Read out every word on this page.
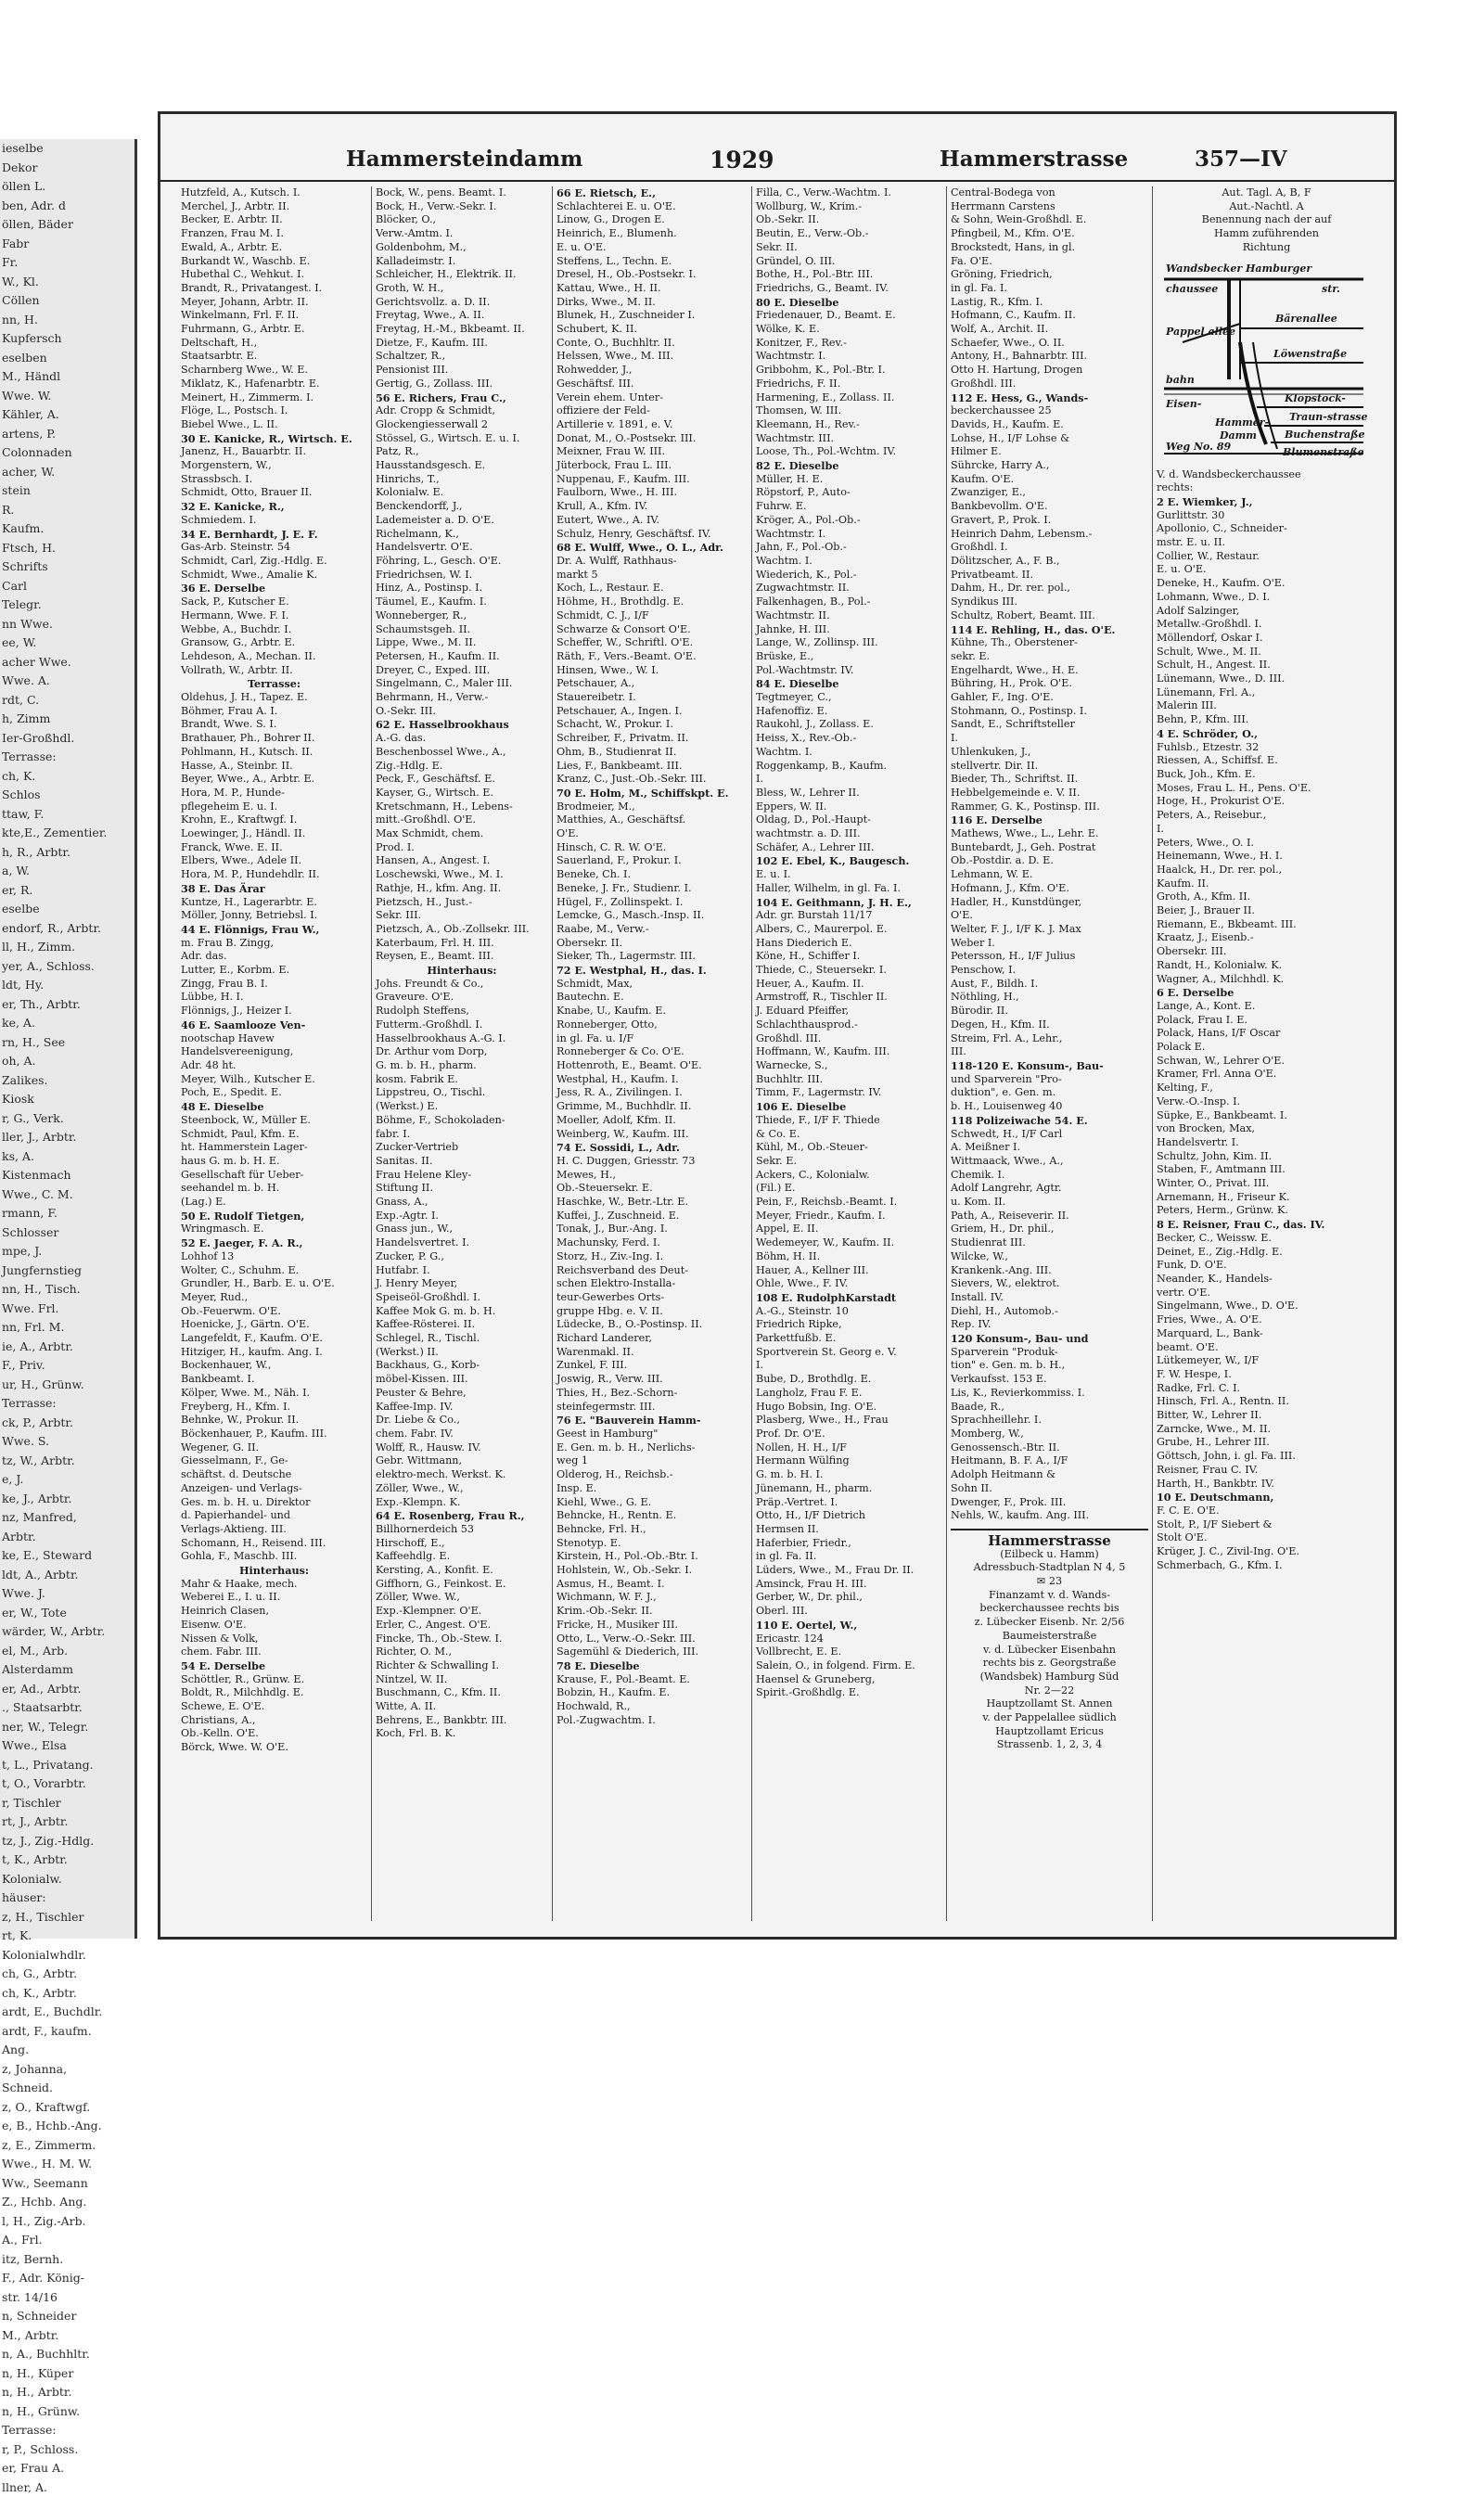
ieselbe
Dekor
öllen L.
ben, Adr. d
öllen, Bäder
Fabr
Fr.
W., Kl.
Cöllen
nn, H.
Kupfersch
eselben
M., Händl
Wwe. W.
Kähler, A.
artens, P.
Colonnaden
acher, W.
stein
R.
Kaufm.
Ftsch, H.
Schrifts
Carl
Telegr.
nn Wwe.
ee, W.
acher Wwe.
Wwe. A.
rdt, C.
h, Zimm
Ier-Großhdl.
Terrasse:
ch, K.
Schlos
ttaw, F.
kte,E., Zementier.
h, R., Arbtr.
a, W.
er, R.
eselbe
endorf, R., Arbtr.
ll, H., Zimm.
yer, A., Schloss.
ldt, Hy.
er, Th., Arbtr.
ke, A.
rn, H., See
oh, A.
Zalikes.
Kiosk
r, G., Verk.
ller, J., Arbtr.
ks, A.
Kistenmach
Wwe., C. M.
rmann, F.
Schlosser
mpe, J.
Jungfernstieg
nn, H., Tisch.
Wwe. Frl.
nn, Frl. M.
ie, A., Arbtr.
F., Priv.
ur, H., Grünw.
Terrasse:
ck, P., Arbtr.
Wwe. S.
tz, W., Arbtr.
e, J.
ke, J., Arbtr.
nz, Manfred,
Arbtr.
ke, E., Steward
ldt, A., Arbtr.
Wwe. J.
er, W., Tote
wärder, W., Arbtr.
el, M., Arb.
Alsterdamm
er, Ad., Arbtr.
., Staatsarbtr.
ner, W., Telegr.
Wwe., Elsa
t, L., Privatang.
t, O., Vorarbtr.
r, Tischler
rt, J., Arbtr.
tz, J., Zig.-Hdlg.
t, K., Arbtr.
Kolonialw.
häuser:
z, H., Tischler
rt, K.
Kolonialwhdlr.
ch, G., Arbtr.
ch, K., Arbtr.
ardt, E., Buchdlr.
ardt, F., kaufm.
Ang.
z, Johanna,
Schneid.
z, O., Kraftwgf.
e, B., Hchb.-Ang.
z, E., Zimmerm.
Wwe., H. M. W.
Ww., Seemann
Z., Hchb. Ang.
l, H., Zig.-Arb.
A., Frl.
itz, Bernh.
F., Adr. König-
str. 14/16
n, Schneider
M., Arbtr.
n, A., Buchhltr.
n, H., Küper
n, H., Arbtr.
n, H., Grünw.
Terrasse:
r, P., Schloss.
er, Frau A.
llner, A.
Hammersteindamm	1929	Hammerstrasse	357—IV
Hutzfeld, A., Kutsch. I.
Merchel, J., Arbtr. II.
Becker, E. Arbtr. II.
Franzen, Frau M. I.
Ewald, A., Arbtr. E.
Burkandt W., Waschb. E.
Hubethal C., Wehkut. I.
Brandt, R., Privatangest. I.
Meyer, Johann, Arbtr. II.
Winkelmann, Frl. F. II.
Fuhrmann, G., Arbtr. E.
Deltschaft, H.,
Staatsarbtr. E.
Scharnberg Wwe., W. E.
Miklatz, K., Hafenarbtr. E.
Meinert, H., Zimmerm. I.
Flöge, L., Postsch. I.
Biebel Wwe., L. II.
30 E. Kanicke, R., Wirtsch. E.
Janenz, H., Bauarbtr. II.
Morgenstern, W.,
Strassbsch. I.
Schmidt, Otto, Brauer II.
32 E. Kanicke, R.,
Schmiedem. I.
34 E. Bernhardt, J. E. F.
Gas-Arb. Steinstr. 54
Schmidt, Carl, Zig.-Hdlg. E.
Schmidt, Wwe., Amalie K.
36 E. Derselbe
Sack, P., Kutscher E.
Hermann, Wwe. F. I.
Webbe, A., Buchdr. I.
Gransow, G., Arbtr. E.
Lehdeson, A., Mechan. II.
Vollrath, W., Arbtr. II.
Terrasse:
Oldehus, J. H., Tapez. E.
Böhmer, Frau A. I.
Brandt, Wwe. S. I.
Brathauer, Ph., Bohrer II.
Pohlmann, H., Kutsch. II.
Hasse, A., Steinbr. II.
Beyer, Wwe., A., Arbtr. E.
Hora, M. P., Hunde-
pflegeheim E. u. I.
Krohn, E., Kraftwgf. I.
Loewinger, J., Händl. II.
Franck, Wwe. E. II.
Elbers, Wwe., Adele II.
Hora, M. P., Hundehdlr. II.
38 E. Das Ärar
Kuntze, H., Lagerarbtr. E.
Möller, Jonny, Betriebsl. I.
44 E. Flönnigs, Frau W.,
m. Frau B. Zingg,
Adr. das.
Lutter, E., Korbm. E.
Zingg, Frau B. I.
Lübbe, H. I.
Flönnigs, J., Heizer I.
46 E. Saamlooze Ven-
nootschap Havew
Handelsvereenigung,
Adr. 48 ht.
Meyer, Wilh., Kutscher E.
Poch, E., Spedit. E.
48 E. Dieselbe
Steenbock, W., Müller E.
Schmidt, Paul, Kfm. E.
ht. Hammerstein Lager-
haus G. m. b. H. E.
Gesellschaft für Ueber-
seehandel m. b. H.
(Lag.) E.
50 E. Rudolf Tietgen,
Wringmasch. E.
52 E. Jaeger, F. A. R.,
Lohhof 13
Wolter, C., Schuhm. E.
Grundler, H., Barb. E. u. O'E.
Meyer, Rud.,
Ob.-Feuerwm. O'E.
Hoenicke, J., Gärtn. O'E.
Langefeldt, F., Kaufm. O'E.
Hitziger, H., kaufm. Ang. I.
Bockenhauer, W.,
Bankbeamt. I.
Kölper, Wwe. M., Näh. I.
Freyberg, H., Kfm. I.
Behnke, W., Prokur. II.
Böckenhauer, P., Kaufm. III.
Wegener, G. II.
Giesselmann, F., Ge-
schäftst. d. Deutsche
Anzeigen- und Verlags-
Ges. m. b. H. u. Direktor
d. Papierhandel- und
Verlags-Aktieng. III.
Schomann, H., Reisend. III.
Gohla, F., Maschb. III.
Hinterhaus:
Mahr & Haake, mech.
Weberei E., I. u. II.
Heinrich Clasen,
Eisenw. O'E.
Nissen & Volk,
chem. Fabr. III.
54 E. Derselbe
Schöttler, R., Grünw. E.
Boldt, R., Milchhdlg. E.
Schewe, E. O'E.
Christians, A.,
Ob.-Kelln. O'E.
Börck, Wwe. W. O'E.
Bock, W., pens. Beamt. I.
Bock, H., Verw.-Sekr. I.
Blöcker, O.,
Verw.-Amtm. I.
Goldenbohm, M.,
Kalladeimstr. I.
Schleicher, H., Elektrik. II.
Groth, W. H.,
Gerichtsvollz. a. D. II.
Freytag, Wwe., A. II.
Freytag, H.-M., Bkbeamt. II.
Dietze, F., Kaufm. III.
Schaltzer, R.,
Pensionist III.
Gertig, G., Zollass. III.
56 E. Richers, Frau C.,
Adr. Cropp & Schmidt,
Glockengiesserwall 2
Stössel, G., Wirtsch. E. u. I.
Patz, R.,
Hausstandsgesch. E.
Hinrichs, T.,
Kolonialw. E.
Benckendorff, J.,
Lademeister a. D. O'E.
Richelmann, K.,
Handelsvertr. O'E.
Föhring, L., Gesch. O'E.
Friedrichsen, W. I.
Hinz, A., Postinsp. I.
Täumel, E., Kaufm. I.
Wonneberger, R.,
Schaumstsgeh. II.
Lippe, Wwe., M. II.
Petersen, H., Kaufm. II.
Dreyer, C., Exped. III.
Singelmann, C., Maler III.
Behrmann, H., Verw.-
O.-Sekr. III.
62 E. Hasselbrookhaus
A.-G. das.
Beschenbossel Wwe., A.,
Zig.-Hdlg. E.
Peck, F., Geschäftsf. E.
Kayser, G., Wirtsch. E.
Kretschmann, H., Lebens-
mitt.-Großhdl. O'E.
Max Schmidt, chem.
Prod. I.
Hansen, A., Angest. I.
Loschewski, Wwe., M. I.
Rathje, H., kfm. Ang. II.
Pietzsch, H., Just.-
Sekr. III.
Pietzsch, A., Ob.-Zollsekr. III.
Katerbaum, Frl. H. III.
Reysen, E., Beamt. III.
Hinterhaus:
Johs. Freundt & Co.,
Graveure. O'E.
Rudolph Steffens,
Futterm.-Großhdl. I.
Hasselbrookhaus A.-G. I.
Dr. Arthur vom Dorp,
G. m. b. H., pharm.
kosm. Fabrik E.
Lippstreu, O., Tischl.
(Werkst.) E.
Böhme, F., Schokoladen-
fabr. I.
Zucker-Vertrieb
Sanitas. II.
Frau Helene Kley-
Stiftung II.
Gnass, A.,
Exp.-Agtr. I.
Gnass jun., W.,
Handelsvertret. I.
Zucker, P. G.,
Hutfabr. I.
J. Henry Meyer,
Speiseöl-Großhdl. I.
Kaffee Mok G. m. b. H.
Kaffee-Rösterei. II.
Schlegel, R., Tischl.
(Werkst.) II.
Backhaus, G., Korb-
möbel-Kissen. III.
Peuster & Behre,
Kaffee-Imp. IV.
Dr. Liebe & Co.,
chem. Fabr. IV.
Wolff, R., Hausw. IV.
Gebr. Wittmann,
elektro-mech. Werkst. K.
Zöller, Wwe., W.,
Exp.-Klempn. K.
64 E. Rosenberg, Frau R.,
Billhornerdeich 53
Hirschoff, E.,
Kaffeehdlg. E.
Kersting, A., Konfit. E.
Giffhorn, G., Feinkost. E.
Zöller, Wwe. W.,
Exp.-Klempner. O'E.
Erler, C., Angest. O'E.
Fincke, Th., Ob.-Stew. I.
Richter, O. M.,
Richter & Schwalling I.
Nintzel, W. II.
Buschmann, C., Kfm. II.
Witte, A. II.
Behrens, E., Bankbtr. III.
Koch, Frl. B. K.
66 E. Rietsch, E.,
Schlachterei E. u. O'E.
Linow, G., Drogen E.
Heinrich, E., Blumenh.
E. u. O'E.
Steffens, L., Techn. E.
Dresel, H., Ob.-Postsekr. I.
Kattau, Wwe., H. II.
Dirks, Wwe., M. II.
Blunek, H., Zuschneider I.
Schubert, K. II.
Conte, O., Buchhltr. II.
Helssen, Wwe., M. III.
Rohwedder, J.,
Geschäftsf. III.
Verein ehem. Unter-
offiziere der Feld-
Artillerie v. 1891, e. V.
Donat, M., O.-Postsekr. III.
Meixner, Frau W. III.
Jüterbock, Frau L. III.
Nuppenau, F., Kaufm. III.
Faulborn, Wwe., H. III.
Krull, A., Kfm. IV.
Eutert, Wwe., A. IV.
Schulz, Henry, Geschäftsf. IV.
68 E. Wulff, Wwe., O. L., Adr.
Dr. A. Wulff, Rathhaus-
markt 5
Koch, L., Restaur. E.
Höhme, H., Brothdlg. E.
Schmidt, C. J., I/F
Schwarze & Consort O'E.
Scheffer, W., Schriftl. O'E.
Räth, F., Vers.-Beamt. O'E.
Hinsen, Wwe., W. I.
Petschauer, A.,
Stauereibetr. I.
Petschauer, A., Ingen. I.
Schacht, W., Prokur. I.
Schreiber, F., Privatm. II.
Ohm, B., Studienrat II.
Lies, F., Bankbeamt. III.
Kranz, C., Just.-Ob.-Sekr. III.
70 E. Holm, M., Schiffskpt. E.
Brodmeier, M.,
Matthies, A., Geschäftsf.
O'E.
Hinsch, C. R. W. O'E.
Sauerland, F., Prokur. I.
Beneke, Ch. I.
Beneke, J. Fr., Studienr. I.
Hügel, F., Zollinspekt. I.
Lemcke, G., Masch.-Insp. II.
Raabe, M., Verw.-
Obersekr. II.
Sieker, Th., Lagermstr. III.
72 E. Westphal, H., das. I.
Schmidt, Max,
Bautechn. E.
Knabe, U., Kaufm. E.
Ronneberger, Otto,
in gl. Fa. u. I/F
Ronneberger & Co. O'E.
Hottenroth, E., Beamt. O'E.
Westphal, H., Kaufm. I.
Jess, R. A., Zivilingen. I.
Grimme, M., Buchhdlr. II.
Moeller, Adolf, Kfm. II.
Weinberg, W., Kaufm. III.
74 E. Sossidi, L., Adr.
H. C. Duggen, Griesstr. 73
Mewes, H.,
Ob.-Steuersekr. E.
Haschke, W., Betr.-Ltr. E.
Kuffei, J., Zuschneid. E.
Tonak, J., Bur.-Ang. I.
Machunsky, Ferd. I.
Storz, H., Ziv.-Ing. I.
Reichsverband des Deut-
schen Elektro-Installa-
teur-Gewerbes Orts-
gruppe Hbg. e. V. II.
Lüdecke, B., O.-Postinsp. II.
Richard Landerer,
Warenmakl. II.
Zunkel, F. III.
Joswig, R., Verw. III.
Thies, H., Bez.-Schorn-
steinfegermstr. III.
76 E. "Bauverein Hamm-
Geest in Hamburg"
E. Gen. m. b. H., Nerlichs-
weg 1
Olderog, H., Reichsb.-
Insp. E.
Kiehl, Wwe., G. E.
Behncke, H., Rentn. E.
Behncke, Frl. H.,
Stenotyp. E.
Kirstein, H., Pol.-Ob.-Btr. I.
Hohlstein, W., Ob.-Sekr. I.
Asmus, H., Beamt. I.
Wichmann, W. F. J.,
Krim.-Ob.-Sekr. II.
Fricke, H., Musiker III.
Otto, L., Verw.-O.-Sekr. III.
Sagemühl & Diederich, III.
78 E. Dieselbe
Krause, F., Pol.-Beamt. E.
Bobzin, H., Kaufm. E.
Hochwald, R.,
Pol.-Zugwachtm. I.
Filla, C., Verw.-Wachtm. I.
Wollburg, W., Krim.-
Ob.-Sekr. II.
Beutin, E., Verw.-Ob.-
Sekr. II.
Gründel, O. III.
Bothe, H., Pol.-Btr. III.
Friedrichs, G., Beamt. IV.
80 E. Dieselbe
Friedenauer, D., Beamt. E.
Wölke, K. E.
Konitzer, F., Rev.-
Wachtmstr. I.
Gribbohm, K., Pol.-Btr. I.
Friedrichs, F. II.
Harmening, E., Zollass. II.
Thomsen, W. III.
Kleemann, H., Rev.-
Wachtmstr. III.
Loose, Th., Pol.-Wchtm. IV.
82 E. Dieselbe
Müller, H. E.
Röpstorf, P., Auto-
Fuhrw. E.
Kröger, A., Pol.-Ob.-
Wachtmstr. I.
Jahn, F., Pol.-Ob.-
Wachtm. I.
Wiederich, K., Pol.-
Zugwachtmstr. II.
Falkenhagen, B., Pol.-
Wachtmstr. II.
Jahnke, H. III.
Lange, W., Zollinsp. III.
Brüske, E.,
Pol.-Wachtmstr. IV.
84 E. Dieselbe
Tegtmeyer, C.,
Hafenoffiz. E.
Raukohl, J., Zollass. E.
Heiss, X., Rev.-Ob.-
Wachtm. I.
Roggenkamp, B., Kaufm.
I.
Bless, W., Lehrer II.
Eppers, W. II.
Oldag, D., Pol.-Haupt-
wachtmstr. a. D. III.
Schäfer, A., Lehrer III.
102 E. Ebel, K., Baugesch.
E. u. I.
Haller, Wilhelm, in gl. Fa. I.
104 E. Geithmann, J. H. E.,
Adr. gr. Burstah 11/17
Albers, C., Maurerpol. E.
Hans Diederich E.
Köne, H., Schiffer I.
Thiede, C., Steuersekr. I.
Heuer, A., Kaufm. II.
Armstroff, R., Tischler II.
J. Eduard Pfeiffer,
Schlachthausprod.-
Großhdl. III.
Hoffmann, W., Kaufm. III.
Warnecke, S.,
Buchhltr. III.
Timm, F., Lagermstr. IV.
106 E. Dieselbe
Thiede, F., I/F F. Thiede
& Co. E.
Kühl, M., Ob.-Steuer-
Sekr. E.
Ackers, C., Kolonialw.
(Fil.) E.
Pein, F., Reichsb.-Beamt. I.
Meyer, Friedr., Kaufm. I.
Appel, E. II.
Wedemeyer, W., Kaufm. II.
Böhm, H. II.
Hauer, A., Kellner III.
Ohle, Wwe., F. IV.
108 E. RudolphKarstadt
A.-G., Steinstr. 10
Friedrich Ripke,
Parkettfußb. E.
Sportverein St. Georg e. V.
I.
Bube, D., Brothdlg. E.
Langholz, Frau F. E.
Hugo Bobsin, Ing. O'E.
Plasberg, Wwe., H., Frau
Prof. Dr. O'E.
Nollen, H. H., I/F
Hermann Wülfing
G. m. b. H. I.
Jünemann, H., pharm.
Präp.-Vertret. I.
Otto, H., I/F Dietrich
Hermsen II.
Haferbier, Friedr.,
in gl. Fa. II.
Lüders, Wwe., M., Frau Dr. II.
Amsinck, Frau H. III.
Gerber, W., Dr. phil.,
Oberl. III.
110 E. Oertel, W.,
Ericastr. 124
Vollbrecht, E. E.
Salein, O., in folgend. Firm. E.
Haensel & Gruneberg,
Spirit.-Großhdlg. E.
Central-Bodega von
Herrmann Carstens
& Sohn, Wein-Großhdl. E.
Pfingbeil, M., Kfm. O'E.
Brockstedt, Hans, in gl.
Fa. O'E.
Gröning, Friedrich,
in gl. Fa. I.
Lastig, R., Kfm. I.
Hofmann, C., Kaufm. II.
Wolf, A., Archit. II.
Schaefer, Wwe., O. II.
Antony, H., Bahnarbtr. III.
Otto H. Hartung, Drogen
Großhdl. III.
112 E. Hess, G., Wands-
beckerchaussee 25
Davids, H., Kaufm. E.
Lohse, H., I/F Lohse &
Hilmer E.
Sührcke, Harry A.,
Kaufm. O'E.
Zwanziger, E.,
Bankbevollm. O'E.
Gravert, P., Prok. I.
Heinrich Dahm, Lebensm.-
Großhdl. I.
Dölitzscher, A., F. B.,
Privatbeamt. II.
Dahm, H., Dr. rer. pol.,
Syndikus III.
Schultz, Robert, Beamt. III.
114 E. Rehling, H., das. O'E.
Kühne, Th., Oberstener-
sekr. E.
Engelhardt, Wwe., H. E.
Bühring, H., Prok. O'E.
Gahler, F., Ing. O'E.
Stohmann, O., Postinsp. I.
Sandt, E., Schriftsteller
I.
Uhlenkuken, J.,
stellvertr. Dir. II.
Bieder, Th., Schriftst. II.
Hebbelgemeinde e. V. II.
Rammer, G. K., Postinsp. III.
116 E. Derselbe
Mathews, Wwe., L., Lehr. E.
Buntebardt, J., Geh. Postrat
Ob.-Postdir. a. D. E.
Lehmann, W. E.
Hofmann, J., Kfm. O'E.
Hadler, H., Kunstdünger,
O'E.
Welter, F. J., I/F K. J. Max
Weber I.
Petersson, H., I/F Julius
Penschow, I.
Aust, F., Bildh. I.
Nöthling, H.,
Bürodir. II.
Degen, H., Kfm. II.
Streim, Frl. A., Lehr.,
III.
118-120 E. Konsum-, Bau-
und Sparverein "Pro-
duktion", e. Gen. m.
b. H., Louisenweg 40
118 Polizeiwache 54. E.
Schwedt, H., I/F Carl
A. Meißner I.
Wittmaack, Wwe., A.,
Chemik. I.
Adolf Langrehr, Agtr.
u. Kom. II.
Path, A., Reiseverir. II.
Griem, H., Dr. phil.,
Studienrat III.
Wilcke, W.,
Krankenk.-Ang. III.
Sievers, W., elektrot.
Install. IV.
Diehl, H., Automob.-
Rep. IV.
120 Konsum-, Bau- und
Sparverein "Produk-
tion" e. Gen. m. b. H.,
Verkaufsst. 153 E.
Lis, K., Revierkommiss. I.
Baade, R.,
Sprachheillehr. I.
Momberg, W.,
Genossensch.-Btr. II.
Heitmann, B. F. A., I/F
Adolph Heitmann &
Sohn II.
Dwenger, F., Prok. III.
Nehls, W., kaufm. Ang. III.
Hammerstrasse
(Eilbeck u. Hamm)
Adressbuch-Stadtplan N 4, 5
✉ 23
Finanzamt v. d. Wands-
beckerchaussee rechts bis
z. Lübecker Eisenb. Nr. 2/56
Baumeisterstraße
v. d. Lübecker Eisenbahn
rechts bis z. Georgstraße
(Wandsbek) Hamburg Süd
Nr. 2—22
Hauptzollamt St. Annen
v. der Pappelallee südlich
Hauptzollamt Ericus
Strassenb. 1, 2, 3, 4
Aut. Tagl. A, B, F
Aut.-Nachtl. A
Benennung nach der auf
Hamm zuführenden
Richtung
Wandsbecker Hamburger
chaussee	str.
Bärenallee
Pappel allee
Löwenstraße
bahn
Eisen-	Klopstock-
Traun-strasse
Buchenstraße
Blumenstraße
Weg No. 89
Hammer-
Damm
V. d. Wandsbeckerchaussee
rechts:
2 E. Wiemker, J.,
Gurlittstr. 30
Apollonio, C., Schneider-
mstr. E. u. II.
Collier, W., Restaur.
E. u. O'E.
Deneke, H., Kaufm. O'E.
Lohmann, Wwe., D. I.
Adolf Salzinger,
Metallw.-Großhdl. I.
Möllendorf, Oskar I.
Schult, Wwe., M. II.
Schult, H., Angest. II.
Lünemann, Wwe., D. III.
Lünemann, Frl. A.,
Malerin III.
Behn, P., Kfm. III.
4 E. Schröder, O.,
Fuhlsb., Etzestr. 32
Riessen, A., Schiffsf. E.
Buck, Joh., Kfm. E.
Moses, Frau L. H., Pens. O'E.
Hoge, H., Prokurist O'E.
Peters, A., Reisebur.,
I.
Peters, Wwe., O. I.
Heinemann, Wwe., H. I.
Haalck, H., Dr. rer. pol.,
Kaufm. II.
Groth, A., Kfm. II.
Beier, J., Brauer II.
Riemann, E., Bkbeamt. III.
Kraatz, J., Eisenb.-
Obersekr. III.
Randt, H., Kolonialw. K.
Wagner, A., Milchhdl. K.
6 E. Derselbe
Lange, A., Kont. E.
Polack, Frau I. E.
Polack, Hans, I/F Oscar
Polack E.
Schwan, W., Lehrer O'E.
Kramer, Frl. Anna O'E.
Kelting, F.,
Verw.-O.-Insp. I.
Süpke, E., Bankbeamt. I.
von Brocken, Max,
Handelsvertr. I.
Schultz, John, Kim. II.
Staben, F., Amtmann III.
Winter, O., Privat. III.
Arnemann, H., Friseur K.
Peters, Herm., Grünw. K.
8 E. Reisner, Frau C., das. IV.
Becker, C., Weissw. E.
Deinet, E., Zig.-Hdlg. E.
Funk, D. O'E.
Neander, K., Handels-
vertr. O'E.
Singelmann, Wwe., D. O'E.
Fries, Wwe., A. O'E.
Marquard, L., Bank-
beamt. O'E.
Lütkemeyer, W., I/F
F. W. Hespe, I.
Radke, Frl. C. I.
Hinsch, Frl. A., Rentn. II.
Bitter, W., Lehrer II.
Zarncke, Wwe., M. II.
Grube, H., Lehrer III.
Göttsch, John, i. gl. Fa. III.
Reisner, Frau C. IV.
Harth, H., Bankbtr. IV.
10 E. Deutschmann,
F. C. E. O'E.
Stolt, P., I/F Siebert &
Stolt O'E.
Krüger, J. C., Zivil-Ing. O'E.
Schmerbach, G., Kfm. I.
